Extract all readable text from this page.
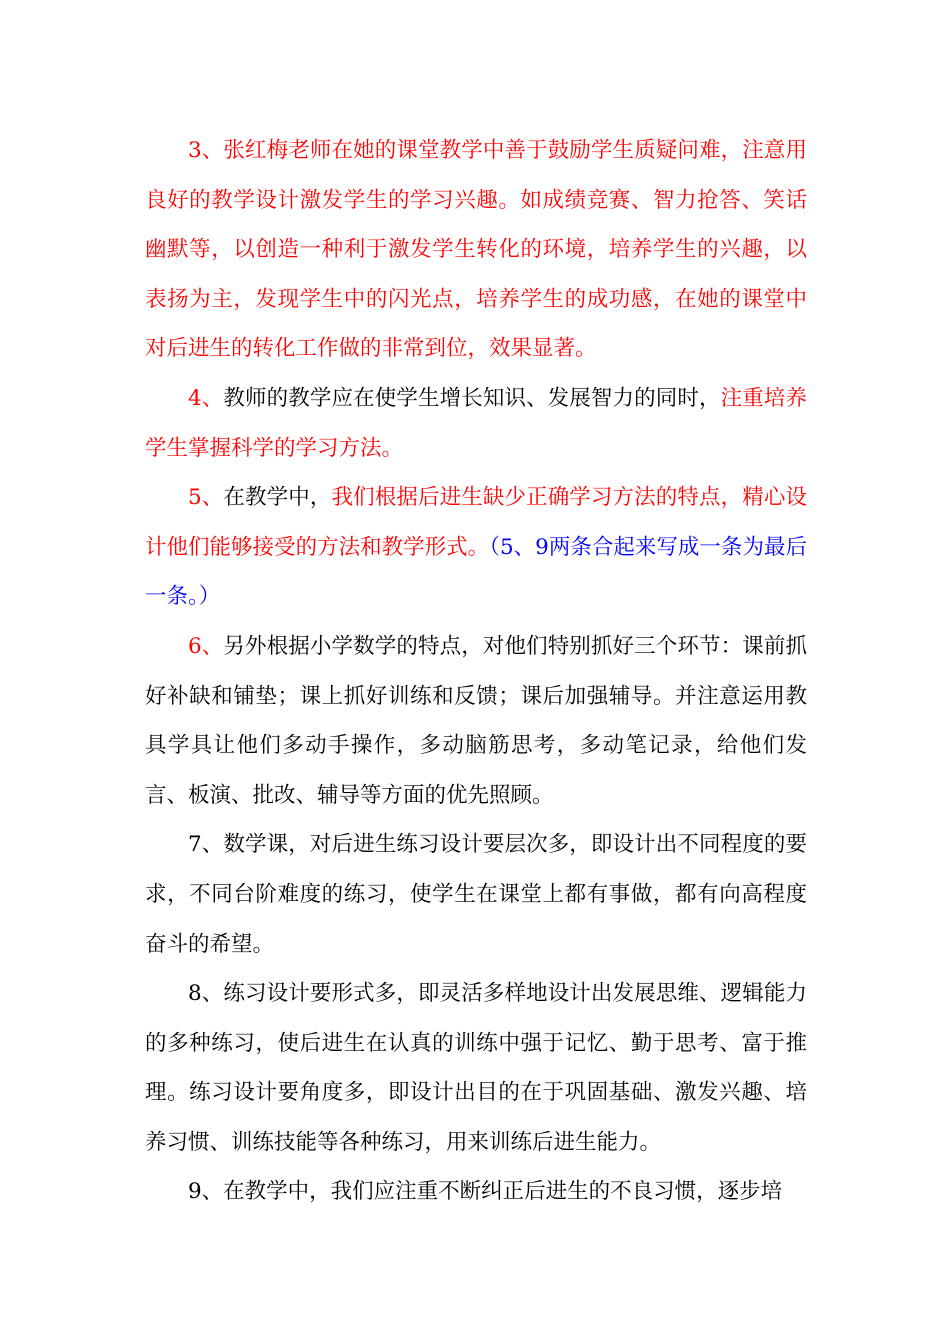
3、张红梅老师在她的课堂教学中善于鼓励学生质疑问难，注意用良好的教学设计激发学生的学习兴趣。如成绩竞赛、智力抢答、笑话幽默等，以创造一种利于激发学生转化的环境，培养学生的兴趣，以表扬为主，发现学生中的闪光点，培养学生的成功感，在她的课堂中对后进生的转化工作做的非常到位，效果显著。

4、教师的教学应在使学生增长知识、发展智力的同时，注重培养学生掌握科学的学习方法。

5、在教学中，我们根据后进生缺少正确学习方法的特点，精心设计他们能够接受的方法和教学形式。（5、9两条合起来写成一条为最后一条。）

6、另外根据小学数学的特点，对他们特别抓好三个环节：课前抓好补缺和铺垫；课上抓好训练和反馈；课后加强辅导。并注意运用教具学具让他们多动手操作，多动脑筋思考，多动笔记录，给他们发言、板演、批改、辅导等方面的优先照顾。

7、数学课，对后进生练习设计要层次多，即设计出不同程度的要求，不同台阶难度的练习，使学生在课堂上都有事做，都有向高程度奋斗的希望。

8、练习设计要形式多，即灵活多样地设计出发展思维、逻辑能力的多种练习，使后进生在认真的训练中强于记忆、勤于思考、富于推理。练习设计要角度多，即设计出目的在于巩固基础、激发兴趣、培养习惯、训练技能等各种练习，用来训练后进生能力。

9、在教学中，我们应注重不断纠正后进生的不良习惯，逐步培
